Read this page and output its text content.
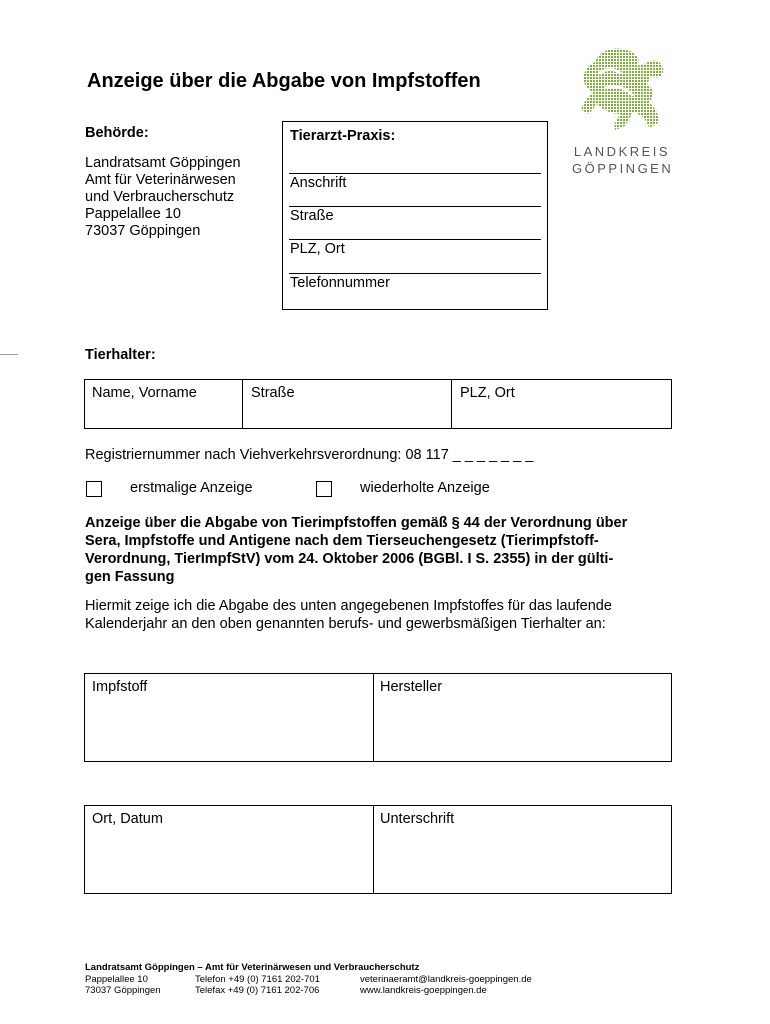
Anzeige über die Abgabe von Impfstoffen
LANDKREIS
GÖPPINGEN
Behörde:
Landratsamt Göppingen
Amt für Veterinärwesen
und Verbraucherschutz
Pappelallee 10
73037 Göppingen
Tierarzt-Praxis:
Anschrift
Straße
PLZ, Ort
Telefonnummer
Tierhalter:
Name, Vorname	Straße	PLZ, Ort
Registriernummer nach Viehverkehrsverordnung: 08 117 _ _ _ _ _ _ _
erstmalige Anzeige	wiederholte Anzeige
Anzeige über die Abgabe von Tierimpfstoffen gemäß § 44 der Verordnung über
Sera, Impfstoffe und Antigene nach dem Tierseuchengesetz (Tierimpfstoff-
Verordnung, TierImpfStV) vom 24. Oktober 2006 (BGBl. I S. 2355) in der gülti-
gen Fassung
Hiermit zeige ich die Abgabe des unten angegebenen Impfstoffes für das laufende
Kalenderjahr an den oben genannten berufs- und gewerbsmäßigen Tierhalter an:
Impfstoff	Hersteller
Ort, Datum	Unterschrift
Landratsamt Göppingen – Amt für Veterinärwesen und Verbraucherschutz
Pappelallee 10	Telefon +49 (0) 7161 202-701	veterinaeramt@landkreis-goeppingen.de
73037 Göppingen	Telefax +49 (0) 7161 202-706	www.landkreis-goeppingen.de
